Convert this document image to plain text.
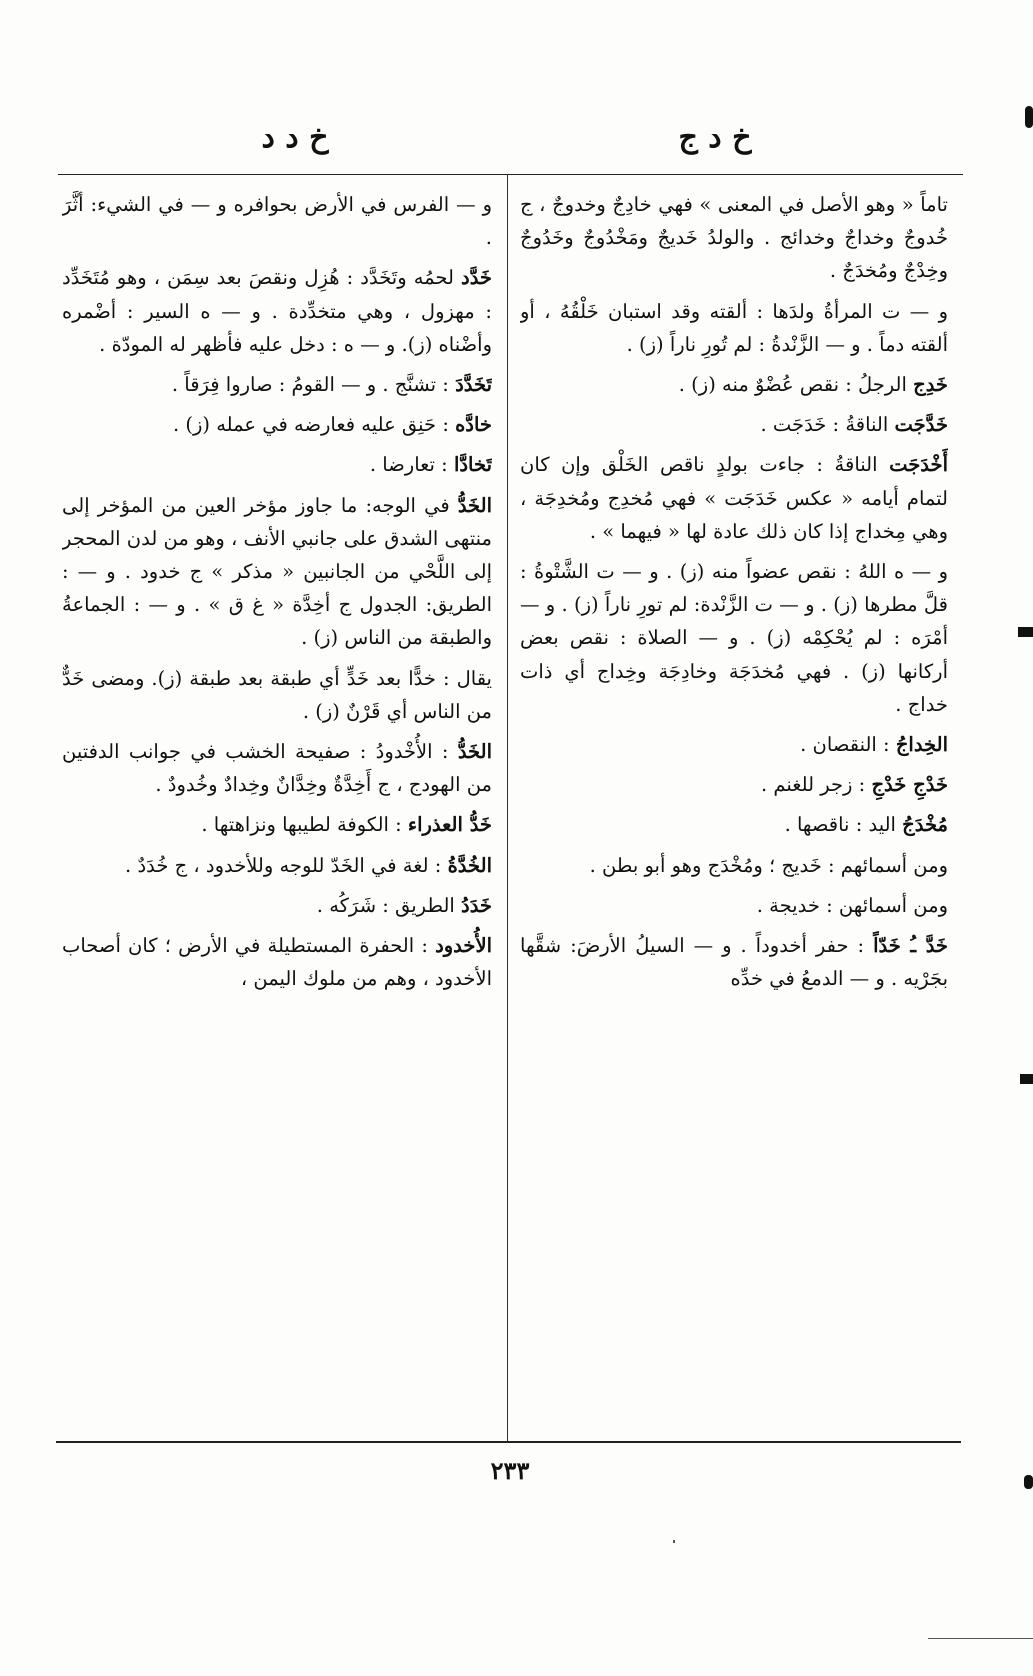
خ د ج
خ د د

تاماً « وهو الأصل في المعنى » فهي خادِجٌ وخدوجٌ ، ج خُدوجٌ وخداجٌ وخدائج . والولدُ خَديجٌ ومَخْدُوجٌ وخَدُوجٌ وخِدْجٌ ومُخدَجٌ .

و — ت المرأةُ ولدَها : ألقته وقد استبان خَلْقُهُ ، أو ألقته دماً . و — الزَّنْدةُ : لم تُورِ ناراً (ز) .

خَدِج الرجلُ : نقص عُضْوٌ منه (ز) .

خَدَّجَت الناقةُ : خَدَجَت .

أَخْدَجَت الناقةُ : جاءت بولدٍ ناقص الخَلْق وإن كان لتمام أيامه « عكس خَدَجَت » فهي مُخدِج ومُخدِجَة ، وهي مِخداج إذا كان ذلك عادة لها « فيهما » .

و — ه اللهُ : نقص عضواً منه (ز) . و — ت الشَّتْوةُ : قلَّ مطرها (ز) . و — ت الزَّنْدة: لم تورِ ناراً (ز) . و — أمْرَه : لم يُحْكِمْه (ز) . و — الصلاة : نقص بعض أركانها (ز) . فهي مُخدَجَة وخادِجَة وخِداج أي ذات خداج .

الخِداجُ : النقصان .

خَدْجِ خَدْجِ : زجر للغنم .

مُخْدَجُ اليد : ناقصها .

ومن أسمائهم : خَديج ؛ ومُخْدَج وهو أبو بطن .

ومن أسمائهن : خديجة .

خَدَّ ـُ خَدّاً : حفر أخدوداً . و — السيلُ الأرضَ: شقَّها بجَرْيه . و — الدمعُ في خدِّه

و — الفرس في الأرض بحوافره و — في الشيء: أثَّرَ .

خَدَّد لحمُه وتَخَدَّد : هُزِل ونقصَ بعد سِمَن ، وهو مُتَخَدِّد : مهزول ، وهي متخدِّدة . و — ه السير : أضْمره وأضْناه (ز). و — ه : دخل عليه فأظهر له المودّة .

تَخَدَّدَ : تشنَّج . و — القومُ : صاروا فِرَقاً .

خادَّه : حَنِق عليه فعارضه في عمله (ز) .

تَخادَّا : تعارضا .

الخَدُّ في الوجه: ما جاوز مؤخر العين من المؤخر إلى منتهى الشدق على جانبي الأنف ، وهو من لدن المحجر إلى اللَّحْي من الجانبين « مذكر » ج خدود . و — : الطريق: الجدول ج أخِدَّة « غ ق » . و — : الجماعةُ والطبقة من الناس (ز) .

يقال : خدًّا بعد خَدٍّ أي طبقة بعد طبقة (ز). ومضى خَدٌّ من الناس أي قَرْنٌ (ز) .

الخَدُّ : الأُخْدودُ : صفيحة الخشب في جوانب الدفتين من الهودج ، ج أَخِدَّةٌ وخِدَّانٌ وخِدادٌ وخُدودٌ .

خَدُّ العذراء : الكوفة لطيبها ونزاهتها .

الخُدَّةُ : لغة في الخَدّ للوجه وللأخدود ، ج خُدَدٌ .

خَدَدُ الطريق : شَرَكُه .

الأُخدود : الحفرة المستطيلة في الأرض ؛ كان أصحاب الأخدود ، وهم من ملوك اليمن ،

٢٣٣
